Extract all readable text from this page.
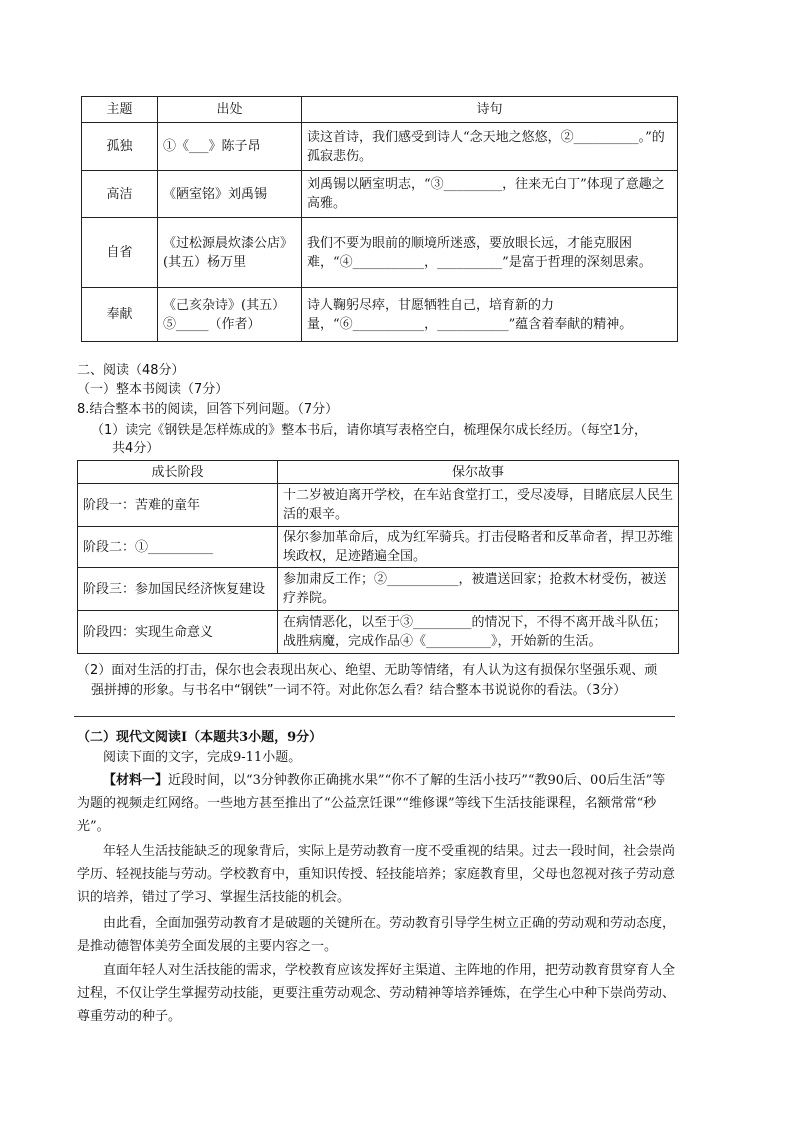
主题	出处	诗句
孤独	①《___》陈子昂	读这首诗，我们感受到诗人“念天地之悠悠，②__________。”的孤寂悲伤。
高洁	《陋室铭》刘禹锡	刘禹锡以陋室明志，“③_________，往来无白丁”体现了意趣之高雅。
自省	《过松源晨炊漆公店》(其五）杨万里	我们不要为眼前的顺境所迷惑，要放眼长远，才能克服困难，“④___________，__________”是富于哲理的深刻思索。
奉献	《己亥杂诗》(其五）⑤_____（作者）	诗人鞠躬尽瘁，甘愿牺牲自己，培育新的力量，“⑥___________，___________”蕴含着奉献的精神。
二、阅读（48分）
（一）整本书阅读（7分）
8.结合整本书的阅读，回答下列问题。（7分）
（1）读完《钢铁是怎样炼成的》整本书后，请你填写表格空白，梳理保尔成长经历。（每空1分，
共4分）
成长阶段	保尔故事
阶段一：苦难的童年	十二岁被迫离开学校，在车站食堂打工，受尽凌辱，目睹底层人民生活的艰辛。
阶段二：①__________	保尔参加革命后，成为红军骑兵。打击侵略者和反革命者，捍卫苏维埃政权，足迹踏遍全国。
阶段三：参加国民经济恢复建设	参加肃反工作；②___________，被遣送回家；抢救木材受伤，被送疗养院。
阶段四：实现生命意义	在病情恶化，以至于③_________的情况下，不得不离开战斗队伍；战胜病魔，完成作品④《__________》，开始新的生活。
（2）面对生活的打击，保尔也会表现出灰心、绝望、无助等情绪，有人认为这有损保尔坚强乐观、顽
强拼搏的形象。与书名中“钢铁”一词不符。对此你怎么看？结合整本书说说你的看法。（3分）
（二）现代文阅读Ⅰ（本题共3小题，9分）
阅读下面的文字，完成9-11小题。
【材料一】近段时间，以“3分钟教你正确挑水果”“你不了解的生活小技巧”“教90后、00后生活”等为题的视频走红网络。一些地方甚至推出了“公益烹饪课”“维修课”等线下生活技能课程，名额常常“秒光”。
年轻人生活技能缺乏的现象背后，实际上是劳动教育一度不受重视的结果。过去一段时间，社会崇尚学历、轻视技能与劳动。学校教育中，重知识传授、轻技能培养；家庭教育里，父母也忽视对孩子劳动意识的培养，错过了学习、掌握生活技能的机会。
由此看，全面加强劳动教育才是破题的关键所在。劳动教育引导学生树立正确的劳动观和劳动态度，是推动德智体美劳全面发展的主要内容之一。
直面年轻人对生活技能的需求，学校教育应该发挥好主渠道、主阵地的作用，把劳动教育贯穿育人全过程，不仅让学生掌握劳动技能，更要注重劳动观念、劳动精神等培养锤炼，在学生心中种下崇尚劳动、尊重劳动的种子。
